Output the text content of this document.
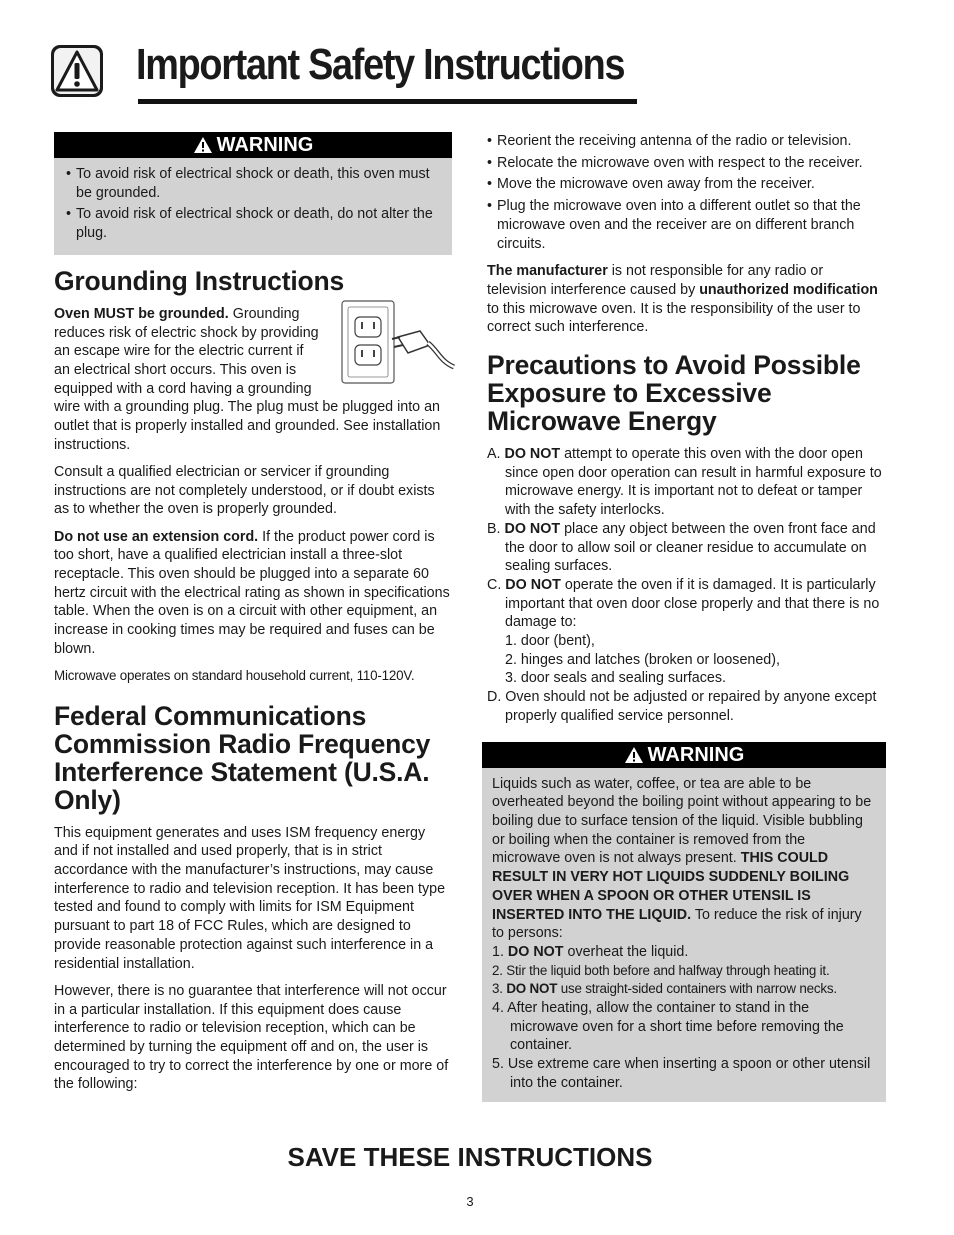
Important Safety Instructions
WARNING
• To avoid risk of electrical shock or death, this oven must be grounded.
• To avoid risk of electrical shock or death, do not alter the plug.
Grounding Instructions

Oven MUST be grounded. Grounding reduces risk of electric shock by providing an escape wire for the electric current if an electrical short occurs. This oven is equipped with a cord having a grounding wire with a grounding plug. The plug must be plugged into an outlet that is properly installed and grounded. See installation instructions.

Consult a qualified electrician or servicer if grounding instructions are not completely understood, or if doubt exists as to whether the oven is properly grounded.

Do not use an extension cord. If the product power cord is too short, have a qualified electrician install a three-slot receptacle. This oven should be plugged into a separate 60 hertz circuit with the electrical rating as shown in specifications table. When the oven is on a circuit with other equipment, an increase in cooking times may be required and fuses can be blown.

Microwave operates on standard household current, 110-120V.

Federal Communications Commission Radio Frequency Interference Statement (U.S.A. Only)

This equipment generates and uses ISM frequency energy and if not installed and used properly, that is in strict accordance with the manufacturer’s instructions, may cause interference to radio and television reception. It has been type tested and found to comply with limits for ISM Equipment pursuant to part 18 of FCC Rules, which are designed to provide reasonable protection against such interference in a residential installation.

However, there is no guarantee that interference will not occur in a particular installation. If this equipment does cause interference to radio or television reception, which can be determined by turning the equipment off and on, the user is encouraged to try to correct the interference by one or more of the following:

• Reorient the receiving antenna of the radio or television.
• Relocate the microwave oven with respect to the receiver.
• Move the microwave oven away from the receiver.
• Plug the microwave oven into a different outlet so that the microwave oven and the receiver are on different branch circuits.

The manufacturer is not responsible for any radio or television interference caused by unauthorized modification to this microwave oven. It is the responsibility of the user to correct such interference.

Precautions to Avoid Possible Exposure to Excessive Microwave Energy
A. DO NOT attempt to operate this oven with the door open since open door operation can result in harmful exposure to microwave energy. It is important not to defeat or tamper with the safety interlocks.
B. DO NOT place any object between the oven front face and the door to allow soil or cleaner residue to accumulate on sealing surfaces.
C. DO NOT operate the oven if it is damaged. It is particularly important that oven door close properly and that there is no damage to:
1. door (bent),
2. hinges and latches (broken or loosened),
3. door seals and sealing surfaces.
D. Oven should not be adjusted or repaired by anyone except properly qualified service personnel.
WARNING

Liquids such as water, coffee, or tea are able to be overheated beyond the boiling point without appearing to be boiling due to surface tension of the liquid. Visible bubbling or boiling when the container is removed from the microwave oven is not always present. THIS COULD RESULT IN VERY HOT LIQUIDS SUDDENLY BOILING OVER WHEN A SPOON OR OTHER UTENSIL IS INSERTED INTO THE LIQUID. To reduce the risk of injury to persons:

1. DO NOT overheat the liquid.
2. Stir the liquid both before and halfway through heating it.
3. DO NOT use straight-sided containers with narrow necks.
4. After heating, allow the container to stand in the microwave oven for a short time before removing the container.
5. Use extreme care when inserting a spoon or other utensil into the container.
SAVE THESE INSTRUCTIONS
3
